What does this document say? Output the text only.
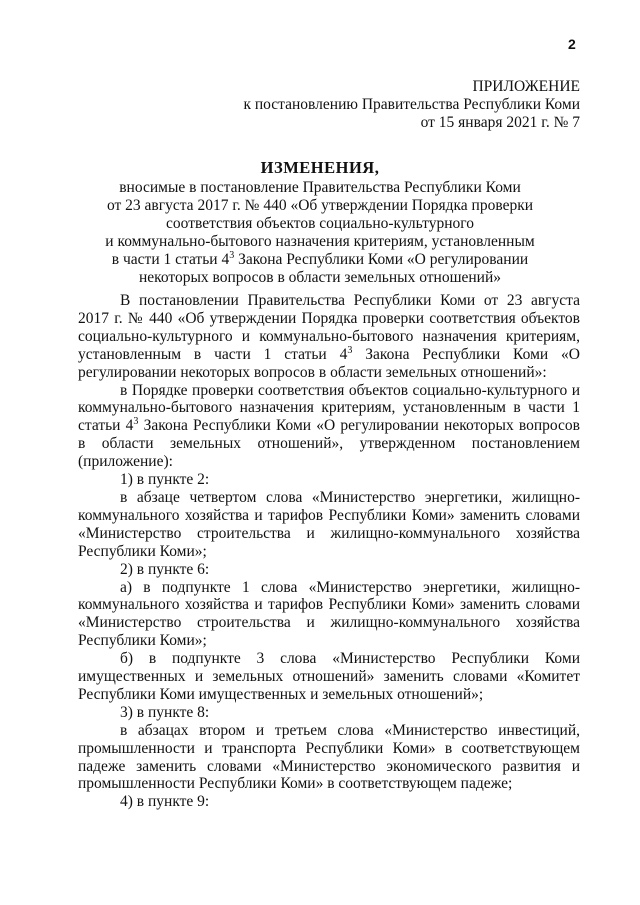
2
ПРИЛОЖЕНИЕ
к постановлению Правительства Республики Коми
от 15 января 2021 г. № 7
ИЗМЕНЕНИЯ,
вносимые в постановление Правительства Республики Коми
от 23 августа 2017 г. № 440 «Об утверждении Порядка проверки
соответствия объектов социально-культурного
и коммунально-бытового назначения критериям, установленным
в части 1 статьи $4^3$ Закона Республики Коми «О регулировании
некоторых вопросов в области земельных отношений»

В постановлении Правительства Республики Коми от 23 августа 2017 г. № 440 «Об утверждении Порядка проверки соответствия объектов социально-культурного и коммунально-бытового назначения критериям, установленным в части 1 статьи $4^3$ Закона Республики Коми «О регулировании некоторых вопросов в области земельных отношений»:

в Порядке проверки соответствия объектов социально-культурного и коммунально-бытового назначения критериям, установленным в части 1 статьи $4^3$ Закона Республики Коми «О регулировании некоторых вопросов в области земельных отношений», утвержденном постановлением (приложение):

1) в пункте 2:

в абзаце четвертом слова «Министерство энергетики, жилищно-коммунального хозяйства и тарифов Республики Коми» заменить словами «Министерство строительства и жилищно-коммунального хозяйства Республики Коми»;

2) в пункте 6:

а) в подпункте 1 слова «Министерство энергетики, жилищно-коммунального хозяйства и тарифов Республики Коми» заменить словами «Министерство строительства и жилищно-коммунального хозяйства Республики Коми»;

б) в подпункте 3 слова «Министерство Республики Коми имущественных и земельных отношений» заменить словами «Комитет Республики Коми имущественных и земельных отношений»;

3) в пункте 8:

в абзацах втором и третьем слова «Министерство инвестиций, промышленности и транспорта Республики Коми» в соответствующем падеже заменить словами «Министерство экономического развития и промышленности Республики Коми» в соответствующем падеже;

4) в пункте 9:
